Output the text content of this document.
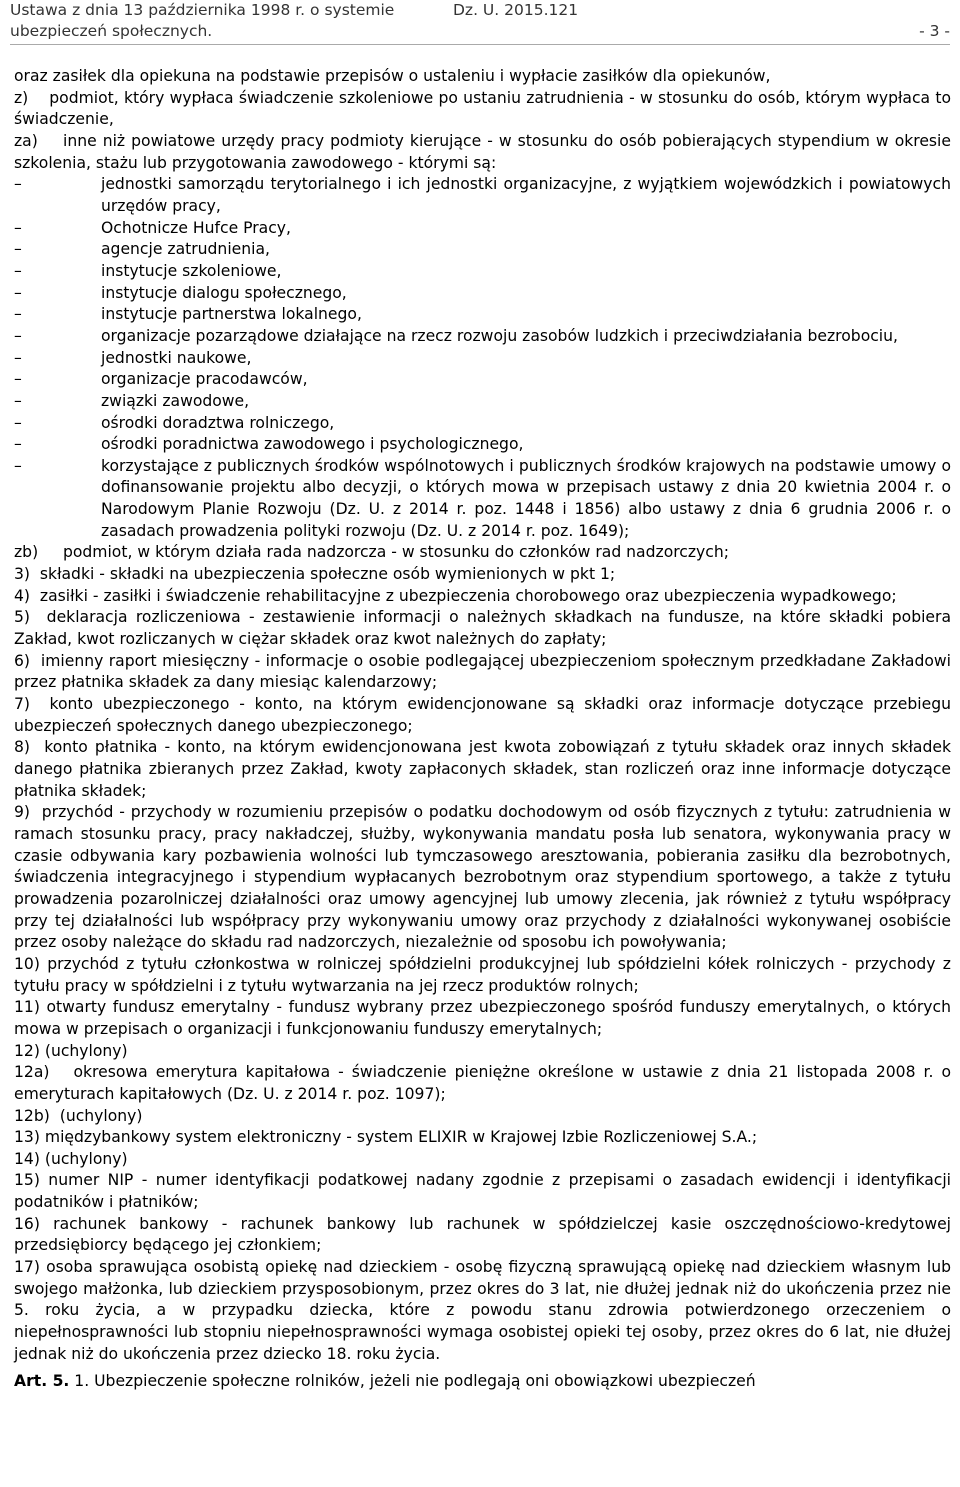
Ustawa z dnia 13 października 1998 r. o systemie	Dz. U. 2015.121
ubezpieczeń społecznych.	- 3 -

oraz zasiłek dla opiekuna na podstawie przepisów o ustaleniu i wypłacie zasiłków dla opiekunów,

z)    podmiot, który wypłaca świadczenie szkoleniowe po ustaniu zatrudnienia - w stosunku do osób, którym wypłaca to świadczenie,

za) inne niż powiatowe urzędy pracy podmioty kierujące - w stosunku do osób pobierających stypendium w okresie szkolenia, stażu lub przygotowania zawodowego - którymi są:

–	jednostki samorządu terytorialnego i ich jednostki organizacyjne, z wyjątkiem wojewódzkich i powiatowych urzędów pracy,

–	Ochotnicze Hufce Pracy,

–	agencje zatrudnienia,

–	instytucje szkoleniowe,

–	instytucje dialogu społecznego,

–	instytucje partnerstwa lokalnego,

–	organizacje pozarządowe działające na rzecz rozwoju zasobów ludzkich i przeciwdziałania bezrobociu,

–	jednostki naukowe,

–	organizacje pracodawców,

–	związki zawodowe,

–	ośrodki doradztwa rolniczego,

–	ośrodki poradnictwa zawodowego i psychologicznego,

–	korzystające z publicznych środków wspólnotowych i publicznych środków krajowych na podstawie umowy o dofinansowanie projektu albo decyzji, o których mowa w przepisach ustawy z dnia 20 kwietnia 2004 r. o Narodowym Planie Rozwoju (Dz. U. z 2014 r. poz. 1448 i 1856) albo ustawy z dnia 6 grudnia 2006 r. o zasadach prowadzenia polityki rozwoju (Dz. U. z 2014 r. poz. 1649);

zb)     podmiot, w którym działa rada nadzorcza - w stosunku do członków rad nadzorczych;

3)  składki - składki na ubezpieczenia społeczne osób wymienionych w pkt 1;

4)  zasiłki - zasiłki i świadczenie rehabilitacyjne z ubezpieczenia chorobowego oraz ubezpieczenia wypadkowego;

5)  deklaracja rozliczeniowa - zestawienie informacji o należnych składkach na fundusze, na które składki pobiera Zakład, kwot rozliczanych w ciężar składek oraz kwot należnych do zapłaty;

6)  imienny raport miesięczny - informacje o osobie podlegającej ubezpieczeniom społecznym przedkładane Zakładowi przez płatnika składek za dany miesiąc kalendarzowy;

7)  konto ubezpieczonego - konto, na którym ewidencjonowane są składki oraz informacje dotyczące przebiegu ubezpieczeń społecznych danego ubezpieczonego;

8)  konto płatnika - konto, na którym ewidencjonowana jest kwota zobowiązań z tytułu składek oraz innych składek danego płatnika zbieranych przez Zakład, kwoty zapłaconych składek, stan rozliczeń oraz inne informacje dotyczące płatnika składek;

9)  przychód - przychody w rozumieniu przepisów o podatku dochodowym od osób fizycznych z tytułu: zatrudnienia w ramach stosunku pracy, pracy nakładczej, służby, wykonywania mandatu posła lub senatora, wykonywania pracy w czasie odbywania kary pozbawienia wolności lub tymczasowego aresztowania, pobierania zasiłku dla bezrobotnych, świadczenia integracyjnego i stypendium wypłacanych bezrobotnym oraz stypendium sportowego, a także z tytułu prowadzenia pozarolniczej działalności oraz umowy agencyjnej lub umowy zlecenia, jak również z tytułu współpracy przy tej działalności lub współpracy przy wykonywaniu umowy oraz przychody z działalności wykonywanej osobiście przez osoby należące do składu rad nadzorczych, niezależnie od sposobu ich powoływania;

10) przychód z tytułu członkostwa w rolniczej spółdzielni produkcyjnej lub spółdzielni kółek rolniczych - przychody z tytułu pracy w spółdzielni i z tytułu wytwarzania na jej rzecz produktów rolnych;

11) otwarty fundusz emerytalny - fundusz wybrany przez ubezpieczonego spośród funduszy emerytalnych, o których mowa w przepisach o organizacji i funkcjonowaniu funduszy emerytalnych;

12) (uchylony)

12a)   okresowa emerytura kapitałowa - świadczenie pieniężne określone w ustawie z dnia 21 listopada 2008 r. o emeryturach kapitałowych (Dz. U. z 2014 r. poz. 1097);

12b)  (uchylony)

13) międzybankowy system elektroniczny - system ELIXIR w Krajowej Izbie Rozliczeniowej S.A.;

14) (uchylony)

15) numer NIP - numer identyfikacji podatkowej nadany zgodnie z przepisami o zasadach ewidencji i identyfikacji podatników i płatników;

16) rachunek bankowy - rachunek bankowy lub rachunek w spółdzielczej kasie oszczędnościowo-kredytowej przedsiębiorcy będącego jej członkiem;

17) osoba sprawująca osobistą opiekę nad dzieckiem - osobę fizyczną sprawującą opiekę nad dzieckiem własnym lub swojego małżonka, lub dzieckiem przysposobionym, przez okres do 3 lat, nie dłużej jednak niż do ukończenia przez nie 5. roku życia, a w przypadku dziecka, które z powodu stanu zdrowia potwierdzonego orzeczeniem o niepełnosprawności lub stopniu niepełnosprawności wymaga osobistej opieki tej osoby, przez okres do 6 lat, nie dłużej jednak niż do ukończenia przez dziecko 18. roku życia.

Art. 5. 1. Ubezpieczenie społeczne rolników, jeżeli nie podlegają oni obowiązkowi ubezpieczeń
